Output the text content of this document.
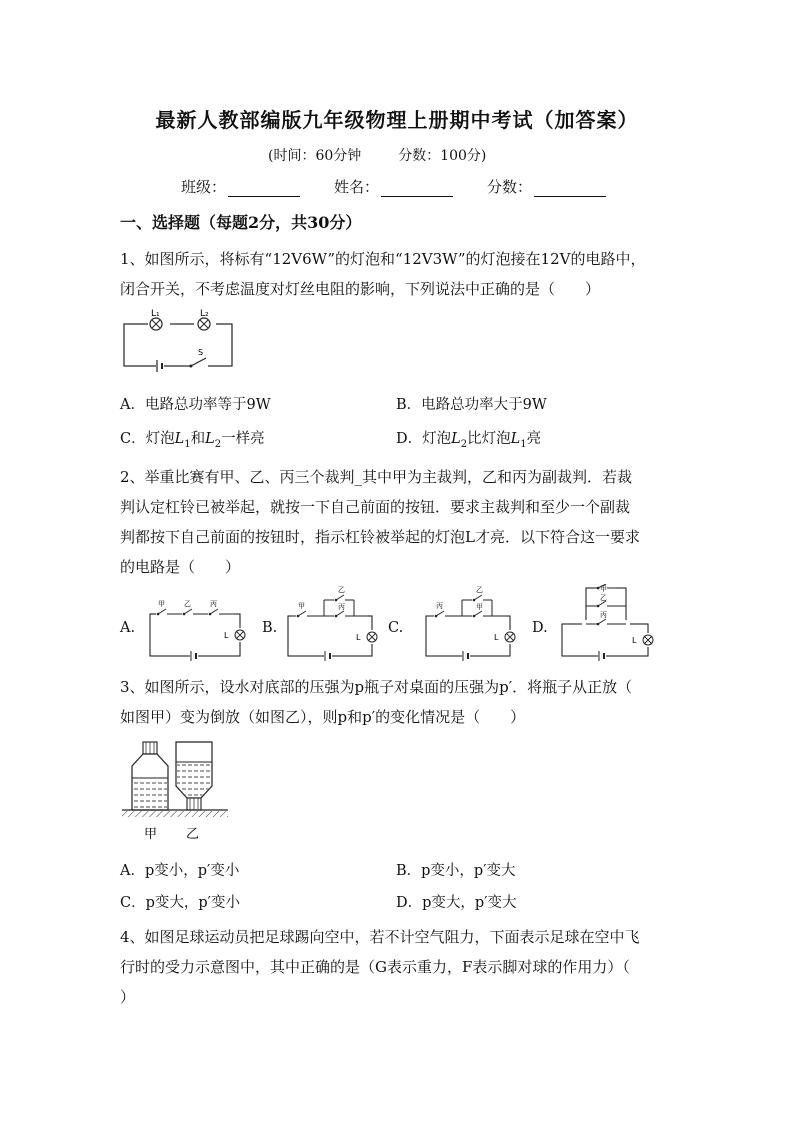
最新人教部编版九年级物理上册期中考试（加答案）
(时间：60分钟	分数：100分)
班级：	姓名：	分数：
一、选择题（每题2分，共30分）
1、如图所示，将标有“12V6W”的灯泡和“12V3W”的灯泡接在12V的电路中，
闭合开关，不考虑温度对灯丝电阻的影响，下列说法中正确的是（　　）
L₁	L₂
S
A．电路总功率等于9W	B．电路总功率大于9W
C．灯泡$L_1$和$L_2$一样亮	D．灯泡$L_2$比灯泡$L_1$亮
2、举重比赛有甲、乙、丙三个裁判_其中甲为主裁判，乙和丙为副裁判．若裁
判认定杠铃已被举起，就按一下自己前面的按钮．要求主裁判和至少一个副裁
判都按下自己前面的按钮时，指示杠铃被举起的灯泡L才亮．以下符合这一要求
的电路是（　　）
A.	B.	C.	D.
甲	乙	丙
L
甲
乙
丙
L
丙
乙
甲
L
甲
乙
丙
L
3、如图所示，设水对底部的压强为p瓶子对桌面的压强为p′．将瓶子从正放（
如图甲）变为倒放（如图乙），则p和p′的变化情况是（　　）
甲 乙
A．p变小，p′变小	B．p变小，p′变大
C．p变大，p′变小	D．p变大，p′变大
4、如图足球运动员把足球踢向空中，若不计空气阻力，下面表示足球在空中飞
行时的受力示意图中，其中正确的是（G表示重力，F表示脚对球的作用力）（
）
